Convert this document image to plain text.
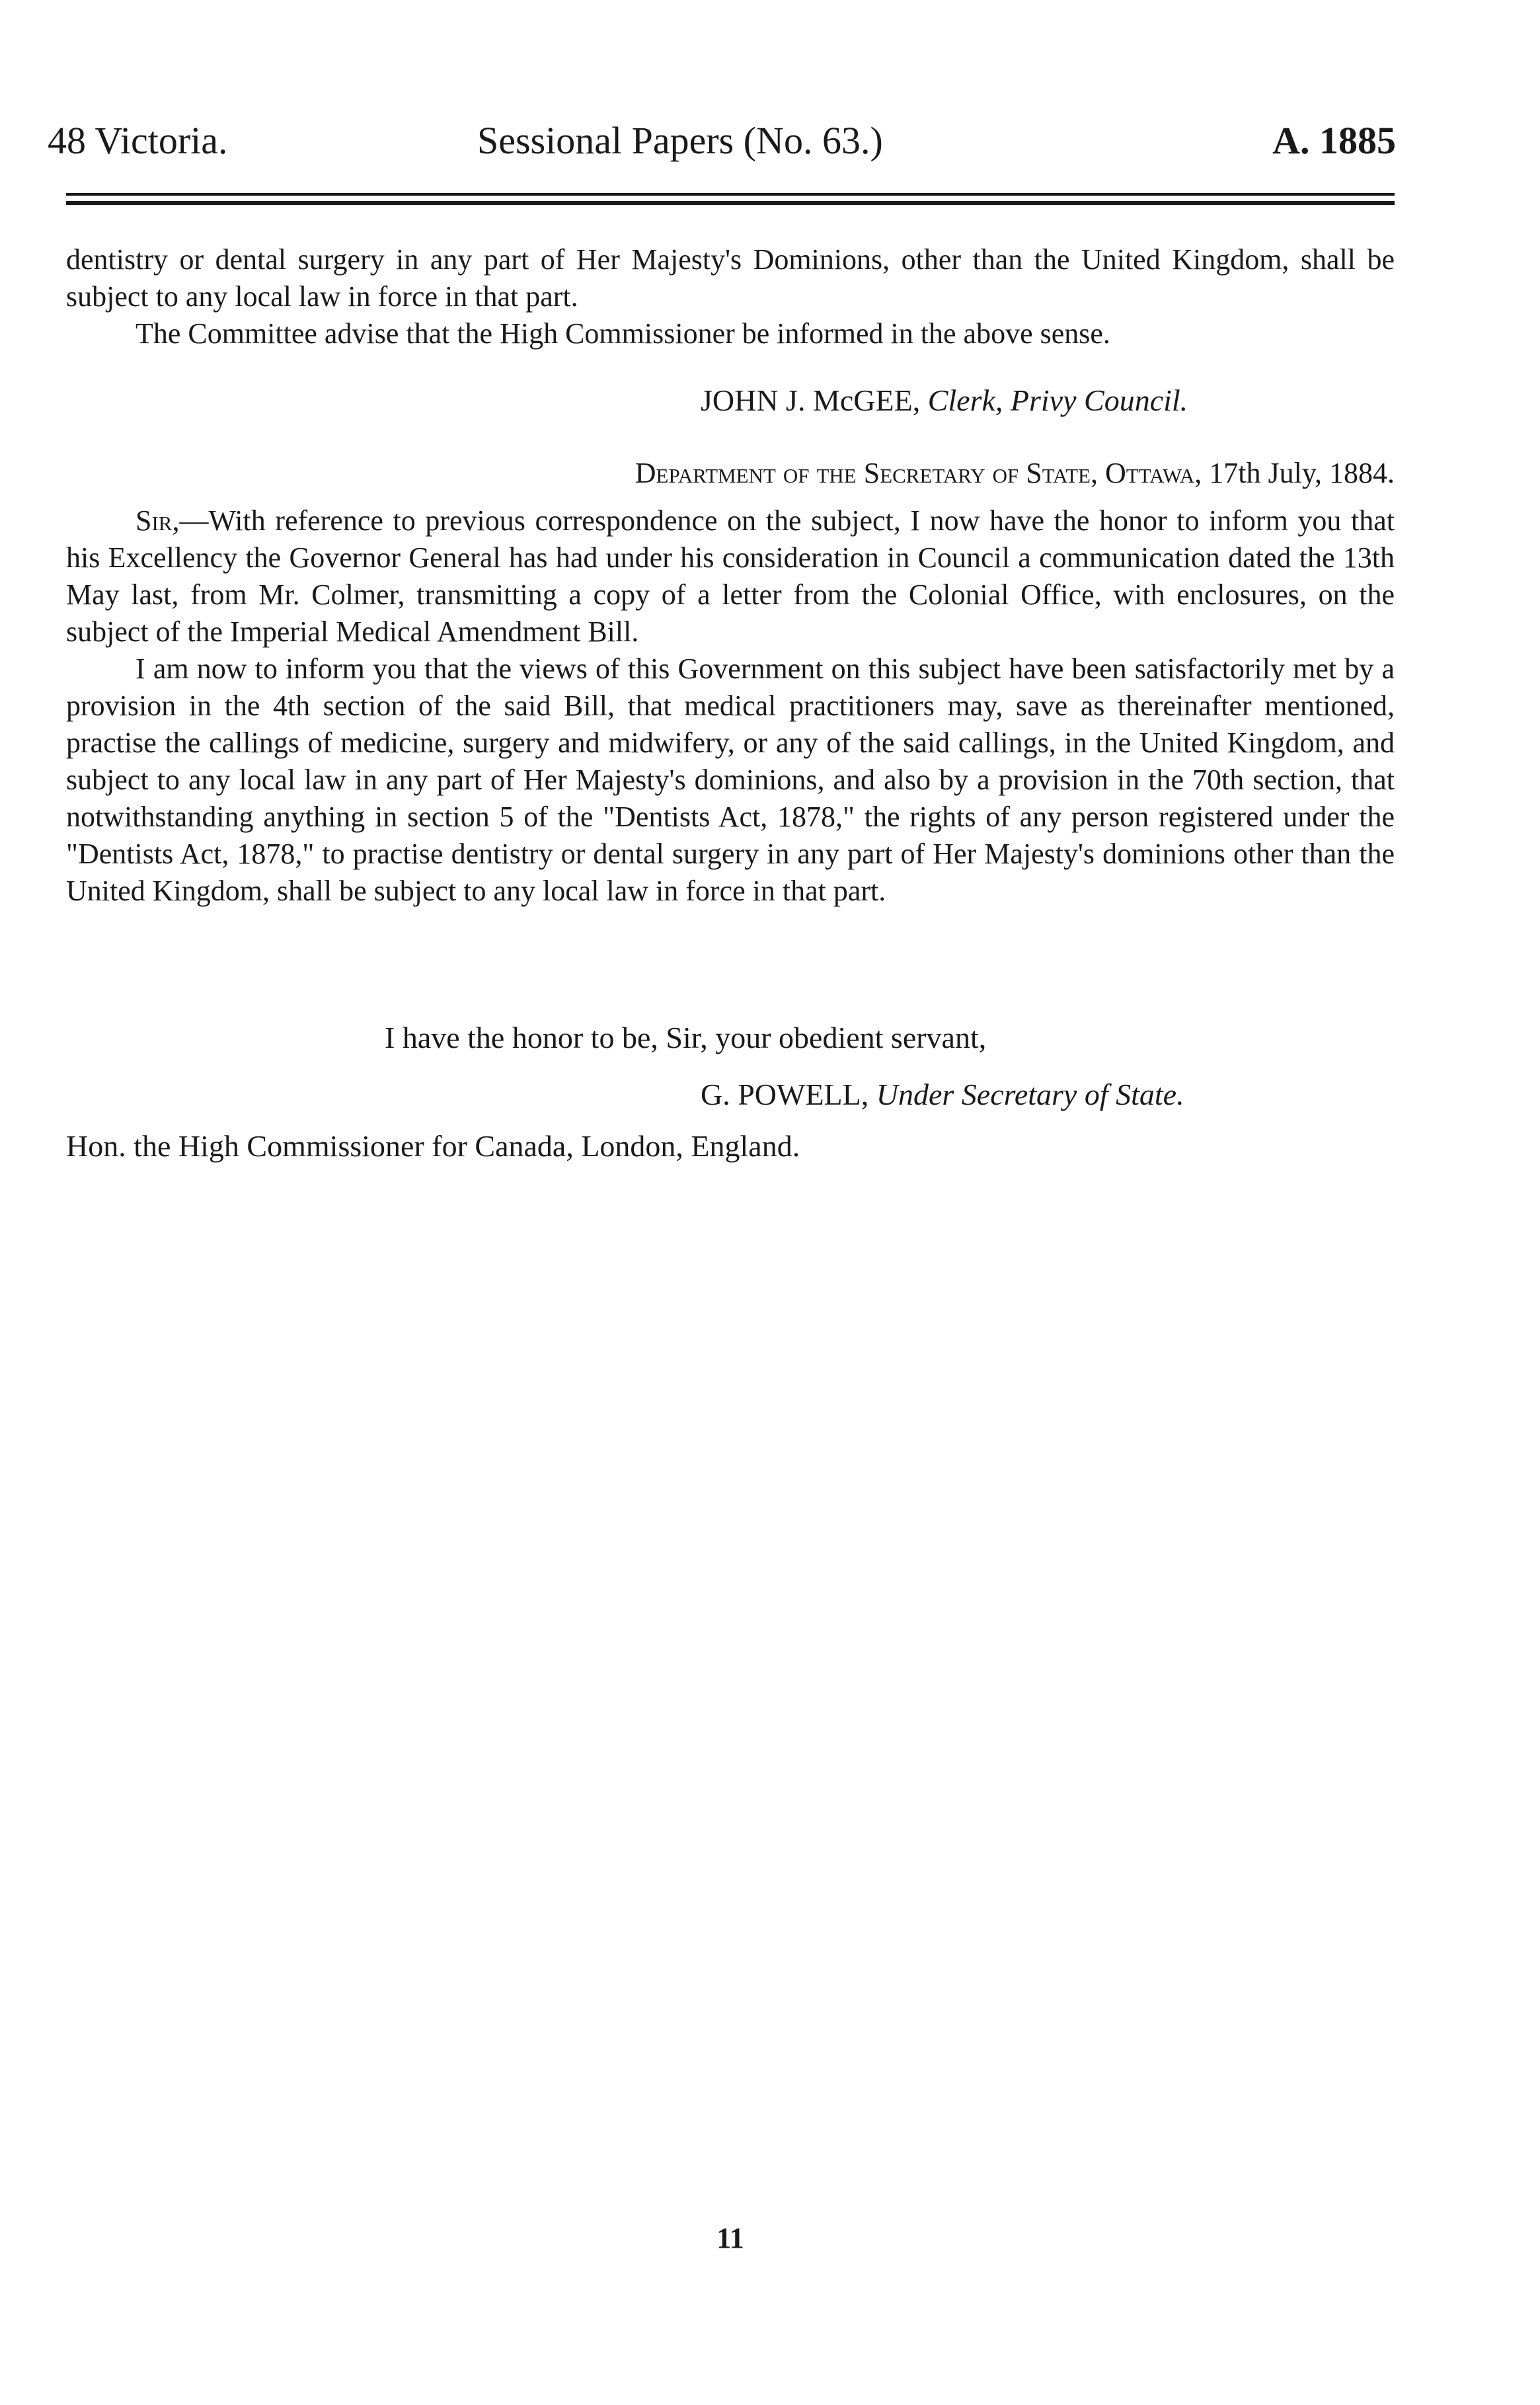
48 Victoria.	Sessional Papers (No. 63.)	A. 1885

dentistry or dental surgery in any part of Her Majesty's Dominions, other than the United Kingdom, shall be subject to any local law in force in that part.

The Committee advise that the High Commissioner be informed in the above sense.

JOHN J. McGEE, Clerk, Privy Council.
Department of the Secretary of State, Ottawa, 17th July, 1884.

Sir,—With reference to previous correspondence on the subject, I now have the honor to inform you that his Excellency the Governor General has had under his consideration in Council a communication dated the 13th May last, from Mr. Colmer, transmitting a copy of a letter from the Colonial Office, with enclosures, on the subject of the Imperial Medical Amendment Bill.

I am now to inform you that the views of this Government on this subject have been satisfactorily met by a provision in the 4th section of the said Bill, that medical practitioners may, save as thereinafter mentioned, practise the callings of medicine, surgery and midwifery, or any of the said callings, in the United Kingdom, and subject to any local law in any part of Her Majesty's dominions, and also by a provision in the 70th section, that notwithstanding anything in section 5 of the "Dentists Act, 1878," the rights of any person registered under the "Dentists Act, 1878," to practise dentistry or dental surgery in any part of Her Majesty's dominions other than the United Kingdom, shall be subject to any local law in force in that part.

I have the honor to be, Sir, your obedient servant,
G. POWELL, Under Secretary of State.
Hon. the High Commissioner for Canada, London, England.
11
